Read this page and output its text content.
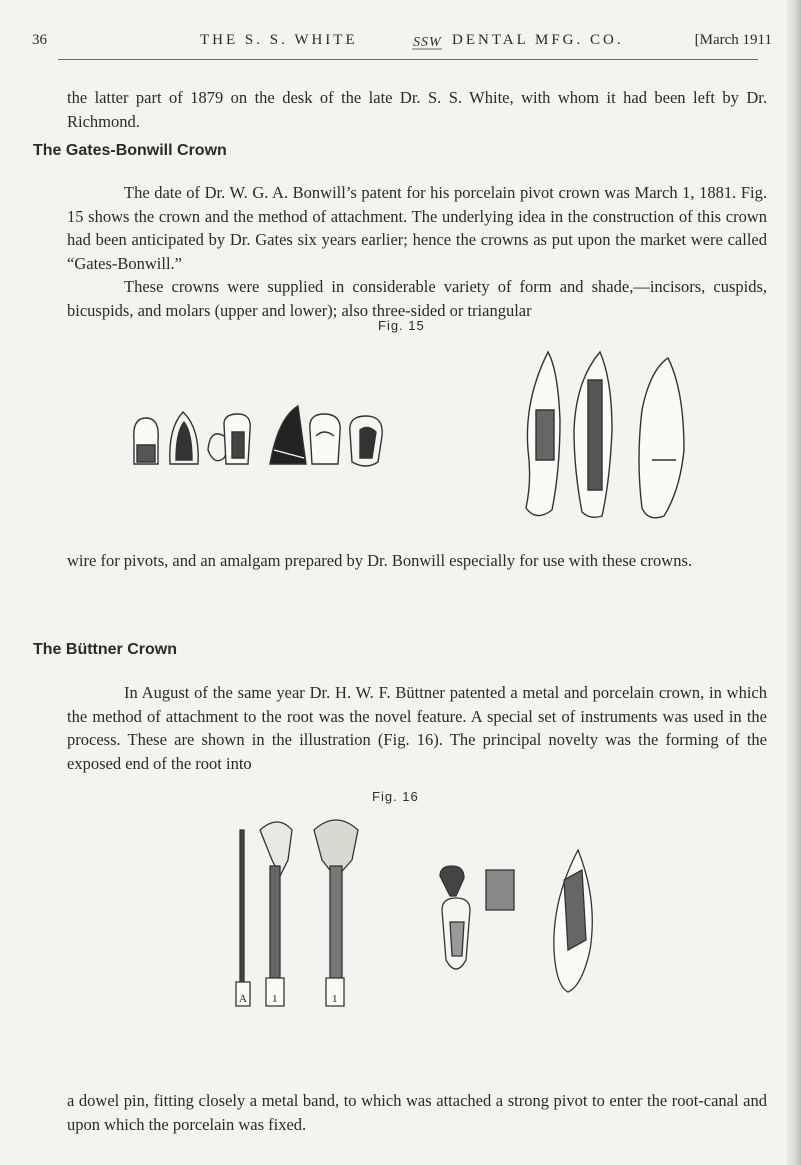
36	THE S. S. WHITE	S S W DENTAL MFG. CO.	[March 1911
the latter part of 1879 on the desk of the late Dr. S. S. White, with whom it had been left by Dr. Richmond.
The Gates-Bonwill Crown
The date of Dr. W. G. A. Bonwill’s patent for his porcelain pivot crown was March 1, 1881. Fig. 15 shows the crown and the method of attachment. The underlying idea in the construction of this crown had been anticipated by Dr. Gates six years earlier; hence the crowns as put upon the market were called “Gates-Bonwill.”
These crowns were supplied in considerable variety of form and shade,—incisors, cuspids, bicuspids, and molars (upper and lower); also three-sided or triangular
Fig. 15
wire for pivots, and an amalgam prepared by Dr. Bonwill especially for use with these crowns.
The Büttner Crown
In August of the same year Dr. H. W. F. Büttner patented a metal and porcelain crown, in which the method of attachment to the root was the novel feature. A special set of instruments was used in the process. These are shown in the illustration (Fig. 16). The principal novelty was the forming of the exposed end of the root into
Fig. 16
A 1	1
a dowel pin, fitting closely a metal band, to which was attached a strong pivot to enter the root-canal and upon which the porcelain was fixed.
